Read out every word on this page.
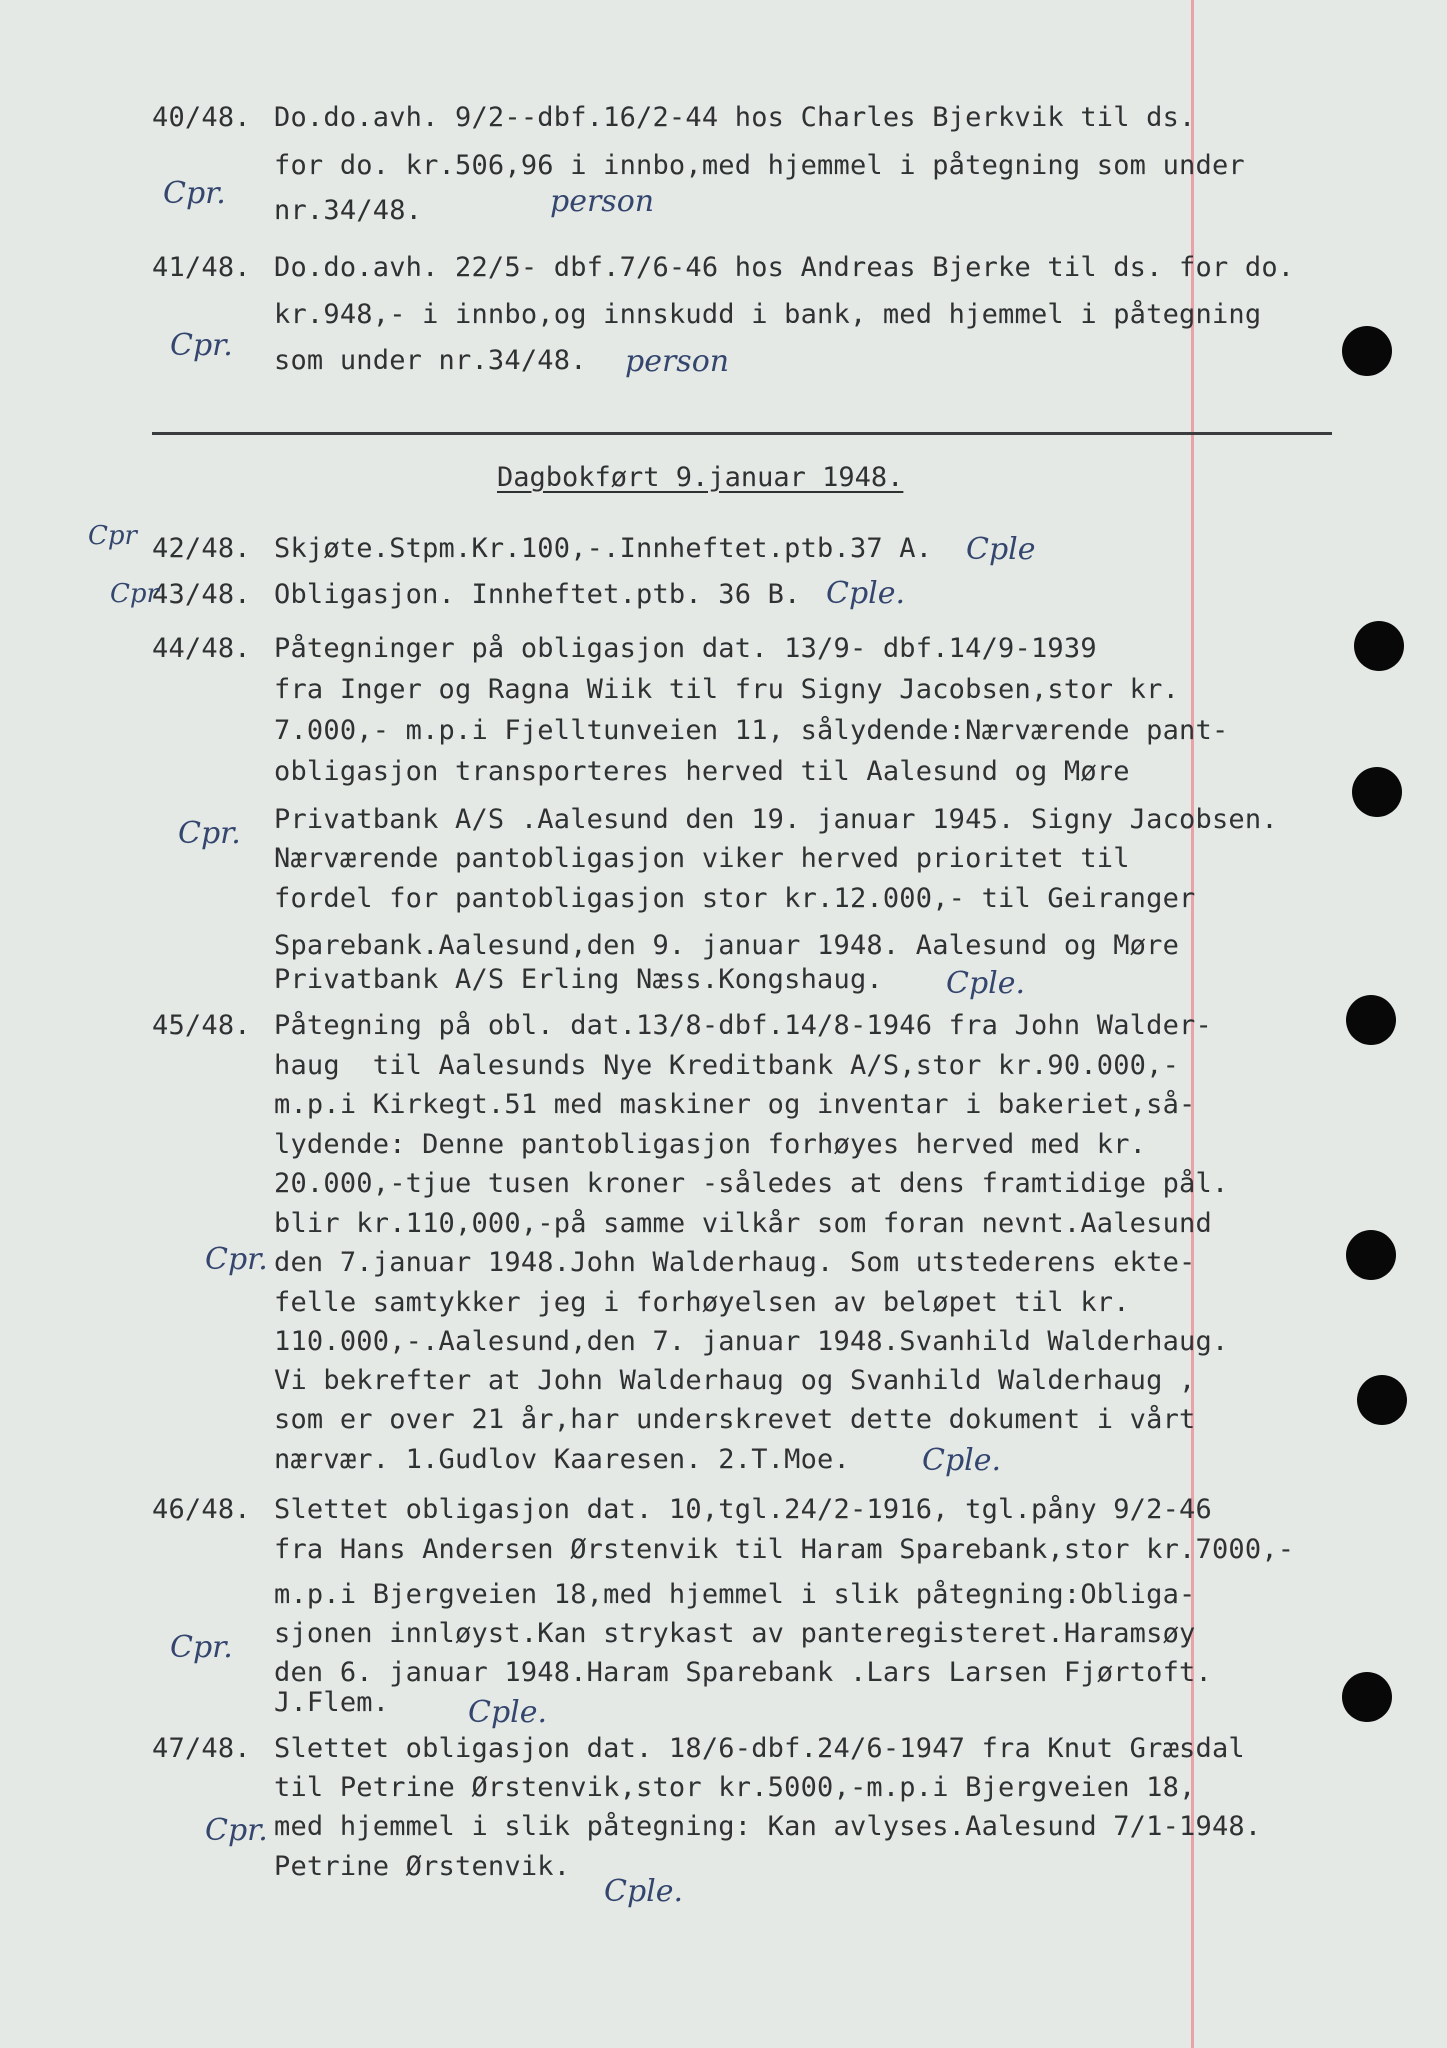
40/48. Do.do.avh. 9/2--dbf.16/2-44 hos Charles Bjerkvik til ds.
for do. kr.506,96 i innbo,med hjemmel i påtegning som under
nr.34/48.
41/48. Do.do.avh. 22/5- dbf.7/6-46 hos Andreas Bjerke til ds. for do.
kr.948,- i innbo,og innskudd i bank, med hjemmel i påtegning
som under nr.34/48.
Dagbokført 9.januar 1948.
42/48. Skjøte.Stpm.Kr.100,-.Innheftet.ptb.37 A.
43/48. Obligasjon. Innheftet.ptb. 36 B.
44/48. Påtegninger på obligasjon dat. 13/9- dbf.14/9-1939
fra Inger og Ragna Wiik til fru Signy Jacobsen,stor kr.
7.000,- m.p.i Fjelltunveien 11, sålydende:Nærværende pant-
obligasjon transporteres herved til Aalesund og Møre
Privatbank A/S .Aalesund den 19. januar 1945. Signy Jacobsen.
Nærværende pantobligasjon viker herved prioritet til
fordel for pantobligasjon stor kr.12.000,- til Geiranger
Sparebank.Aalesund,den 9. januar 1948. Aalesund og Møre
Privatbank A/S Erling Næss.Kongshaug.
45/48. Påtegning på obl. dat.13/8-dbf.14/8-1946 fra John Walder-
haug  til Aalesunds Nye Kreditbank A/S,stor kr.90.000,-
m.p.i Kirkegt.51 med maskiner og inventar i bakeriet,så-
lydende: Denne pantobligasjon forhøyes herved med kr.
20.000,-tjue tusen kroner -således at dens framtidige pål.
blir kr.110,000,-på samme vilkår som foran nevnt.Aalesund
den 7.januar 1948.John Walderhaug. Som utstederens ekte-
felle samtykker jeg i forhøyelsen av beløpet til kr.
110.000,-.Aalesund,den 7. januar 1948.Svanhild Walderhaug.
Vi bekrefter at John Walderhaug og Svanhild Walderhaug ,
som er over 21 år,har underskrevet dette dokument i vårt
nærvær. 1.Gudlov Kaaresen. 2.T.Moe.
46/48. Slettet obligasjon dat. 10,tgl.24/2-1916, tgl.påny 9/2-46
fra Hans Andersen Ørstenvik til Haram Sparebank,stor kr.7000,-
m.p.i Bjergveien 18,med hjemmel i slik påtegning:Obliga-
sjonen innløyst.Kan strykast av panteregisteret.Haramsøy
den 6. januar 1948.Haram Sparebank .Lars Larsen Fjørtoft.
J.Flem.
47/48. Slettet obligasjon dat. 18/6-dbf.24/6-1947 fra Knut Græsdal
til Petrine Ørstenvik,stor kr.5000,-m.p.i Bjergveien 18,
med hjemmel i slik påtegning: Kan avlyses.Aalesund 7/1-1948.
Petrine Ørstenvik.
Cpr.	person
Cpr.	person
Cpr	Cple
Cpr	Cple.
Cpr.
Cple.
Cpr.
Cple.
Cpr.
Cple.
Cpr.
Cple.
